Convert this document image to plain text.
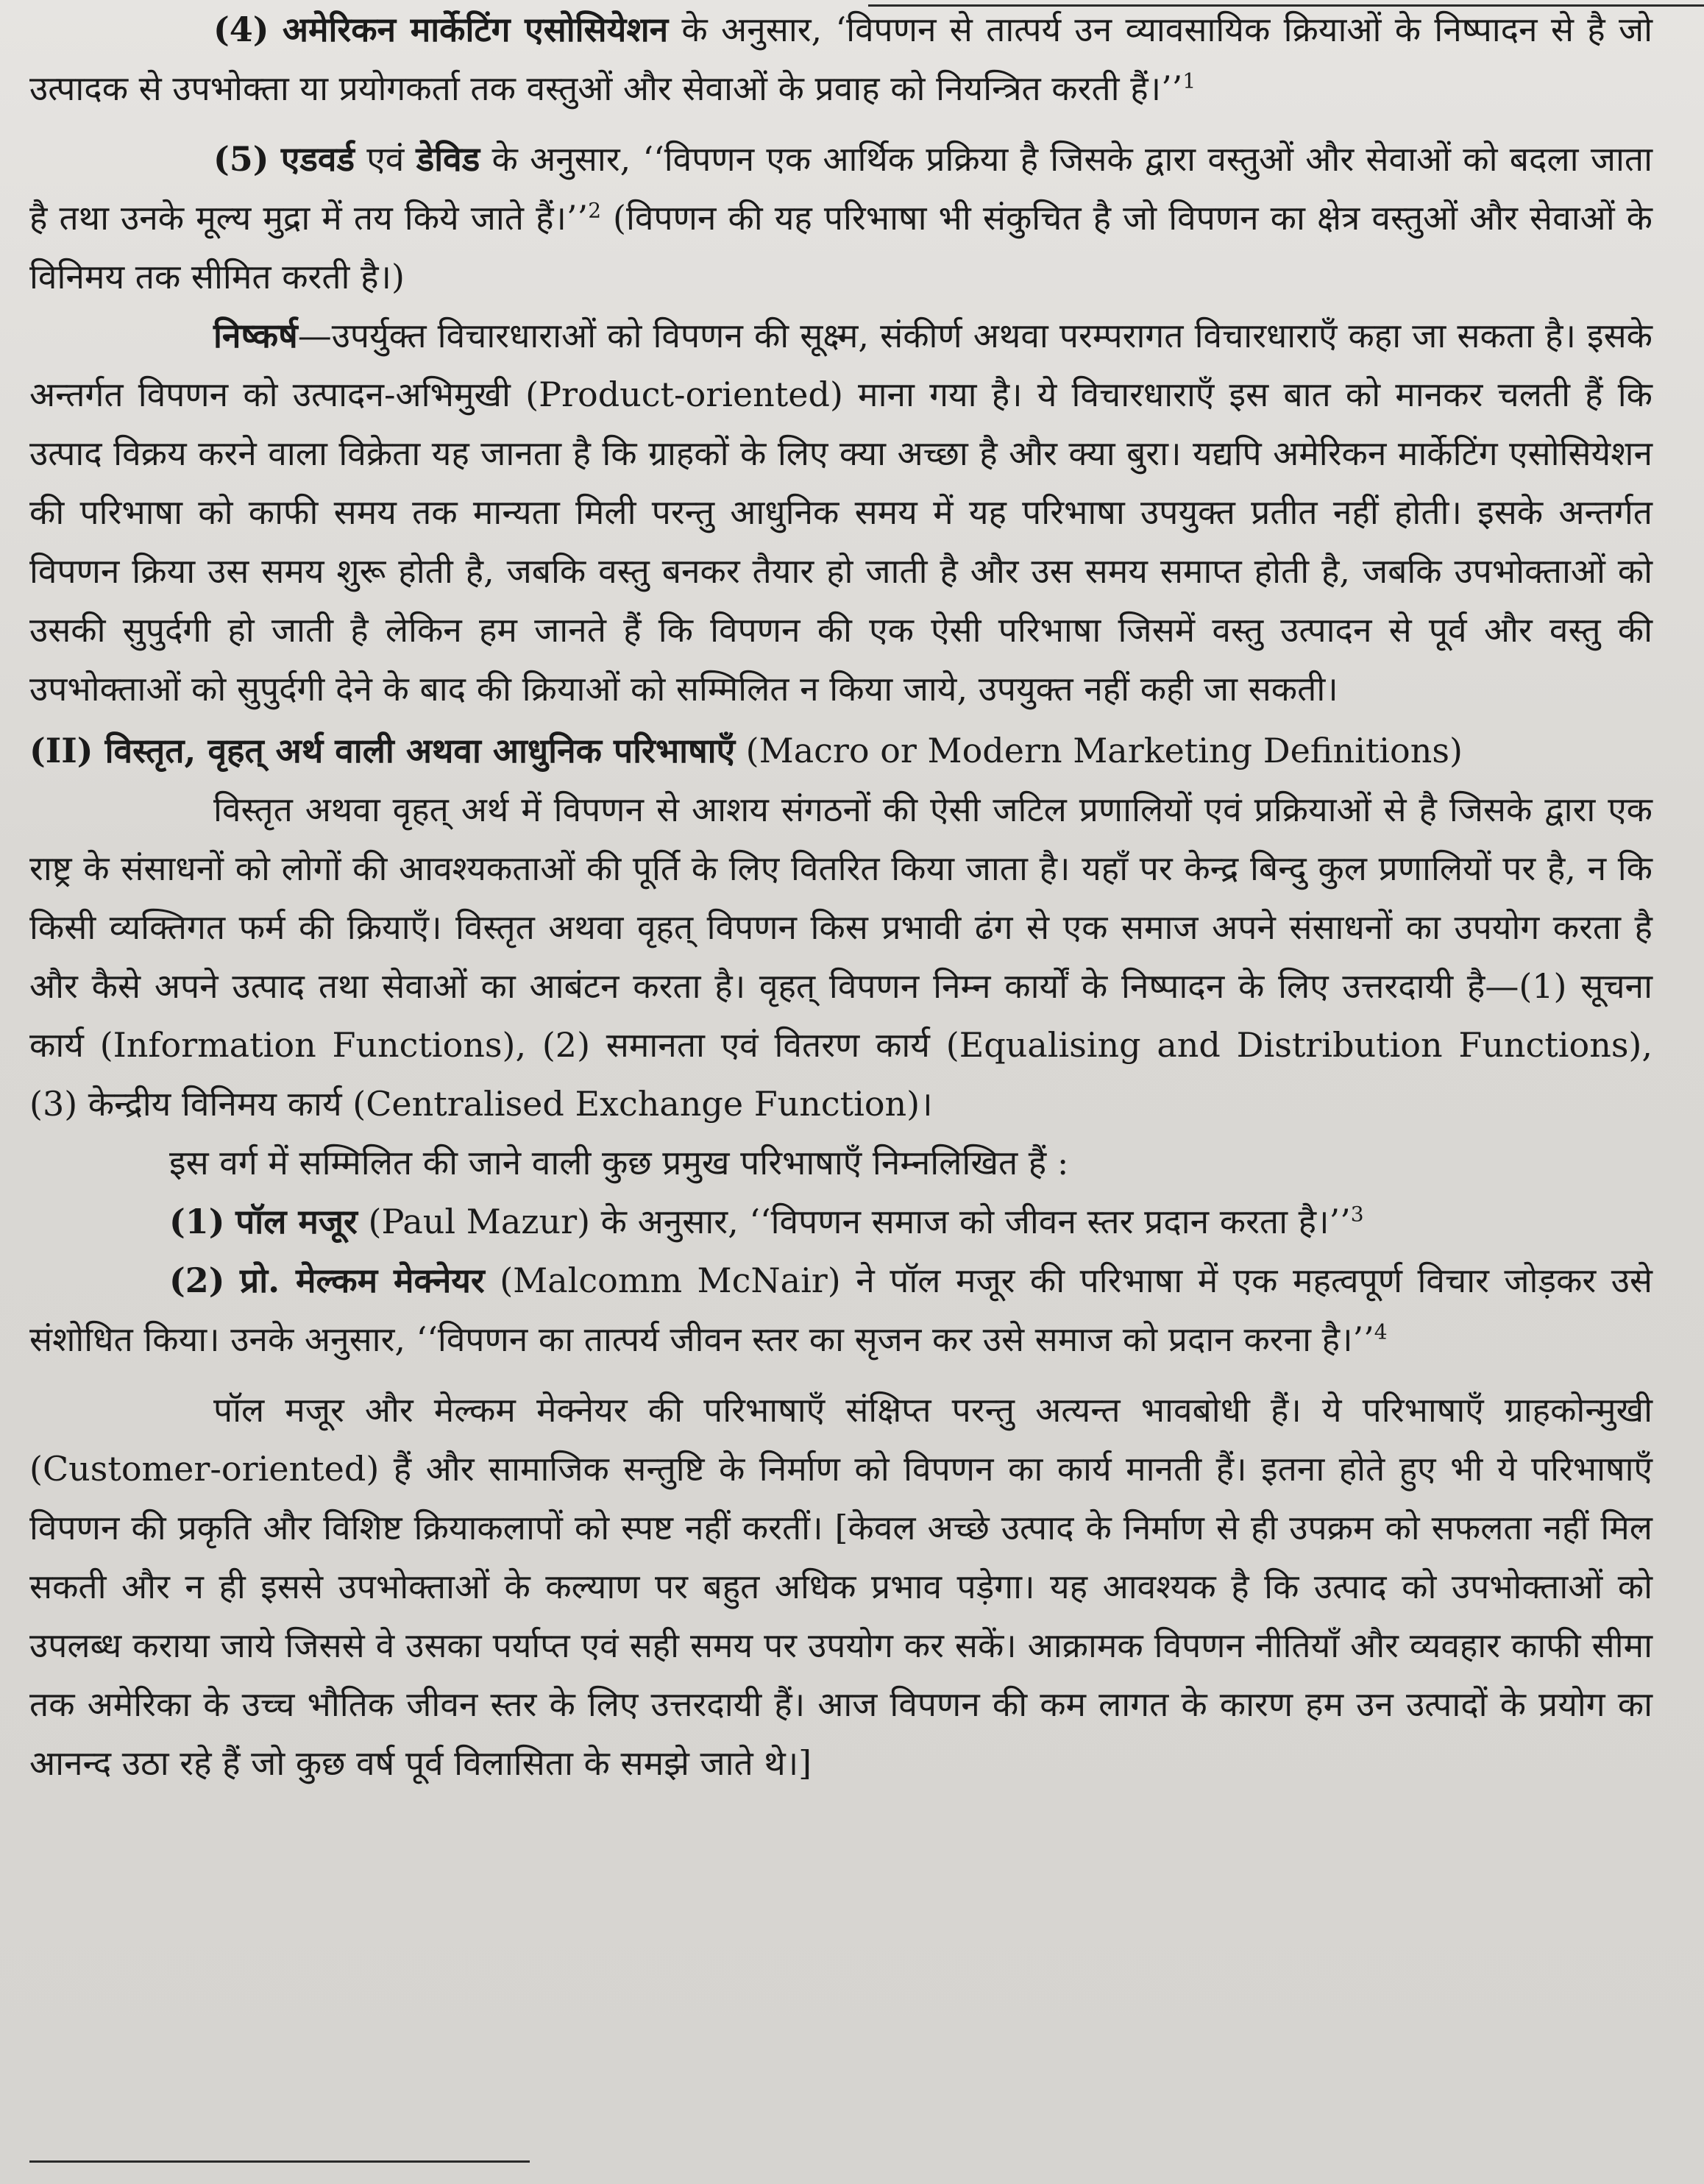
(4) अमेरिकन मार्केटिंग एसोसियेशन के अनुसार, ‘विपणन से तात्पर्य उन व्यावसायिक क्रियाओं के निष्पादन से है जो उत्पादक से उपभोक्ता या प्रयोगकर्ता तक वस्तुओं और सेवाओं के प्रवाह को नियन्त्रित करती हैं।’’$^1$

(5) एडवर्ड एवं डेविड के अनुसार, ‘‘विपणन एक आर्थिक प्रक्रिया है जिसके द्वारा वस्तुओं और सेवाओं को बदला जाता है तथा उनके मूल्य मुद्रा में तय किये जाते हैं।’’$^2$ (विपणन की यह परिभाषा भी संकुचित है जो विपणन का क्षेत्र वस्तुओं और सेवाओं के विनिमय तक सीमित करती है।)

निष्कर्ष—उपर्युक्त विचारधाराओं को विपणन की सूक्ष्म, संकीर्ण अथवा परम्परागत विचारधाराएँ कहा जा सकता है। इसके अन्तर्गत विपणन को उत्पादन-अभिमुखी (Product-oriented) माना गया है। ये विचारधाराएँ इस बात को मानकर चलती हैं कि उत्पाद विक्रय करने वाला विक्रेता यह जानता है कि ग्राहकों के लिए क्या अच्छा है और क्या बुरा। यद्यपि अमेरिकन मार्केटिंग एसोसियेशन की परिभाषा को काफी समय तक मान्यता मिली परन्तु आधुनिक समय में यह परिभाषा उपयुक्त प्रतीत नहीं होती। इसके अन्तर्गत विपणन क्रिया उस समय शुरू होती है, जबकि वस्तु बनकर तैयार हो जाती है और उस समय समाप्त होती है, जबकि उपभोक्ताओं को उसकी सुपुर्दगी हो जाती है लेकिन हम जानते हैं कि विपणन की एक ऐसी परिभाषा जिसमें वस्तु उत्पादन से पूर्व और वस्तु की उपभोक्ताओं को सुपुर्दगी देने के बाद की क्रियाओं को सम्मिलित न किया जाये, उपयुक्त नहीं कही जा सकती।

(II) विस्तृत, वृहत् अर्थ वाली अथवा आधुनिक परिभाषाएँ (Macro or Modern Marketing Definitions)

विस्तृत अथवा वृहत् अर्थ में विपणन से आशय संगठनों की ऐसी जटिल प्रणालियों एवं प्रक्रियाओं से है जिसके द्वारा एक राष्ट्र के संसाधनों को लोगों की आवश्यकताओं की पूर्ति के लिए वितरित किया जाता है। यहाँ पर केन्द्र बिन्दु कुल प्रणालियों पर है, न कि किसी व्यक्तिगत फर्म की क्रियाएँ। विस्तृत अथवा वृहत् विपणन किस प्रभावी ढंग से एक समाज अपने संसाधनों का उपयोग करता है और कैसे अपने उत्पाद तथा सेवाओं का आबंटन करता है। वृहत् विपणन निम्न कार्यों के निष्पादन के लिए उत्तरदायी है—(1) सूचना कार्य (Information Functions), (2) समानता एवं वितरण कार्य (Equalising and Distribution Functions), (3) केन्द्रीय विनिमय कार्य (Centralised Exchange Function)।

इस वर्ग में सम्मिलित की जाने वाली कुछ प्रमुख परिभाषाएँ निम्नलिखित हैं :

(1) पॉल मजूर (Paul Mazur) के अनुसार, ‘‘विपणन समाज को जीवन स्तर प्रदान करता है।’’$^3$

(2) प्रो. मेल्कम मेक्नेयर (Malcomm McNair) ने पॉल मजूर की परिभाषा में एक महत्वपूर्ण विचार जोड़कर उसे संशोधित किया। उनके अनुसार, ‘‘विपणन का तात्पर्य जीवन स्तर का सृजन कर उसे समाज को प्रदान करना है।’’$^4$

पॉल मजूर और मेल्कम मेक्नेयर की परिभाषाएँ संक्षिप्त परन्तु अत्यन्त भावबोधी हैं। ये परिभाषाएँ ग्राहकोन्मुखी (Customer-oriented) हैं और सामाजिक सन्तुष्टि के निर्माण को विपणन का कार्य मानती हैं। इतना होते हुए भी ये परिभाषाएँ विपणन की प्रकृति और विशिष्ट क्रियाकलापों को स्पष्ट नहीं करतीं। [केवल अच्छे उत्पाद के निर्माण से ही उपक्रम को सफलता नहीं मिल सकती और न ही इससे उपभोक्ताओं के कल्याण पर बहुत अधिक प्रभाव पड़ेगा। यह आवश्यक है कि उत्पाद को उपभोक्ताओं को उपलब्ध कराया जाये जिससे वे उसका पर्याप्त एवं सही समय पर उपयोग कर सकें। आक्रामक विपणन नीतियाँ और व्यवहार काफी सीमा तक अमेरिका के उच्च भौतिक जीवन स्तर के लिए उत्तरदायी हैं। आज विपणन की कम लागत के कारण हम उन उत्पादों के प्रयोग का आनन्द उठा रहे हैं जो कुछ वर्ष पूर्व विलासिता के समझे जाते थे।]
